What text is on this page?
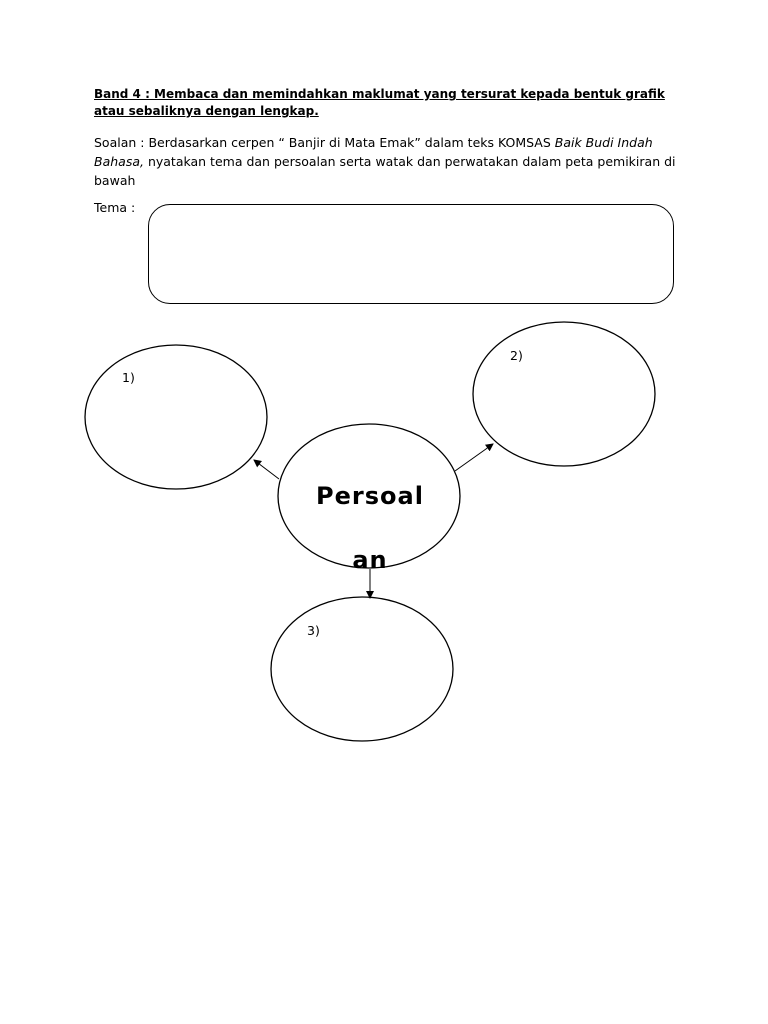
Band 4 : Membaca dan memindahkan maklumat yang tersurat kepada bentuk grafik
atau sebaliknya dengan lengkap.
Soalan : Berdasarkan cerpen “ Banjir di Mata Emak” dalam teks KOMSAS Baik Budi Indah Bahasa, nyatakan tema dan persoalan serta watak dan perwatakan dalam peta pemikiran di bawah
Tema :
1)
2)
3)

Persoal

an
